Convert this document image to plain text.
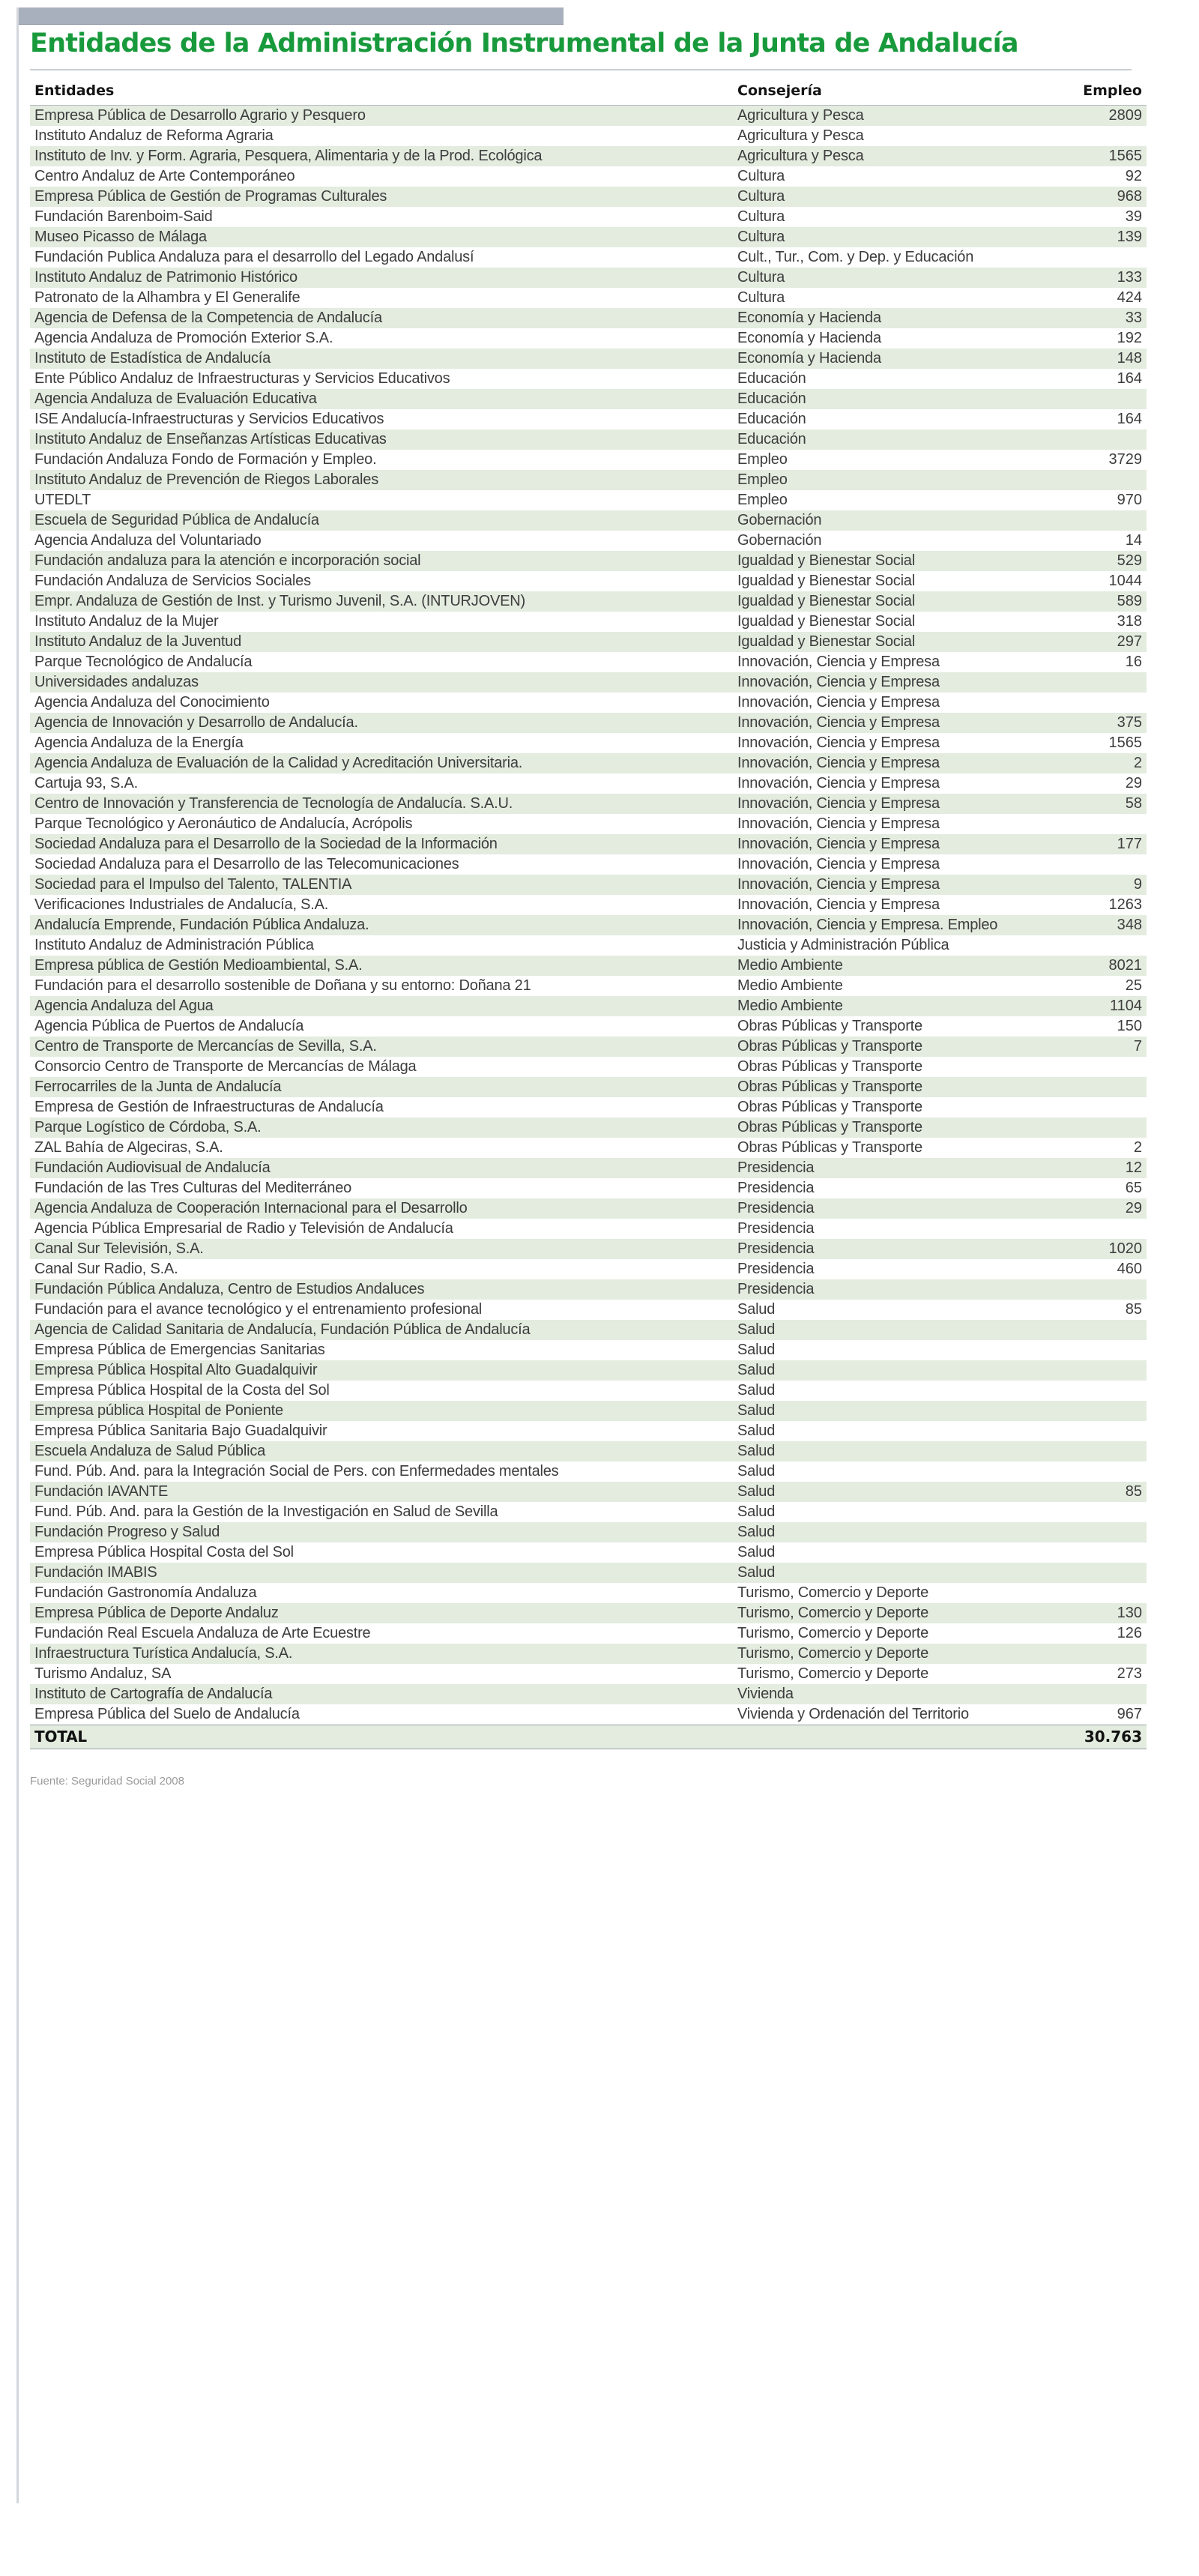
Entidades de la Administración Instrumental de la Junta de Andalucía
Entidades	Consejería	Empleo
Empresa Pública de Desarrollo Agrario y Pesquero	Agricultura y Pesca	2809
Instituto Andaluz de Reforma Agraria	Agricultura y Pesca	
Instituto de Inv. y Form. Agraria, Pesquera, Alimentaria y de la Prod. Ecológica	Agricultura y Pesca	1565
Centro Andaluz de Arte Contemporáneo	Cultura	92
Empresa Pública de Gestión de Programas Culturales	Cultura	968
Fundación Barenboim-Said	Cultura	39
Museo Picasso de Málaga	Cultura	139
Fundación Publica Andaluza para el desarrollo del Legado Andalusí	Cult., Tur., Com. y Dep. y Educación	
Instituto Andaluz de Patrimonio Histórico	Cultura	133
Patronato de la Alhambra y El Generalife	Cultura	424
Agencia de Defensa de la Competencia de Andalucía	Economía y Hacienda	33
Agencia Andaluza de Promoción Exterior S.A.	Economía y Hacienda	192
Instituto de Estadística de Andalucía	Economía y Hacienda	148
Ente Público Andaluz de Infraestructuras y Servicios Educativos	Educación	164
Agencia Andaluza de Evaluación Educativa	Educación	
ISE Andalucía-Infraestructuras y Servicios Educativos	Educación	164
Instituto Andaluz de Enseñanzas Artísticas Educativas	Educación	
Fundación Andaluza Fondo de Formación y Empleo.	Empleo	3729
Instituto Andaluz de Prevención de Riegos Laborales	Empleo	
UTEDLT	Empleo	970
Escuela de Seguridad Pública de Andalucía	Gobernación	
Agencia Andaluza del Voluntariado	Gobernación	14
Fundación andaluza para la atención e incorporación social	Igualdad y Bienestar Social	529
Fundación Andaluza de Servicios Sociales	Igualdad y Bienestar Social	1044
Empr. Andaluza de Gestión de Inst. y Turismo Juvenil, S.A. (INTURJOVEN)	Igualdad y Bienestar Social	589
Instituto Andaluz de la Mujer	Igualdad y Bienestar Social	318
Instituto Andaluz de la Juventud	Igualdad y Bienestar Social	297
Parque Tecnológico de Andalucía	Innovación, Ciencia y Empresa	16
Universidades andaluzas	Innovación, Ciencia y Empresa	
Agencia Andaluza del Conocimiento	Innovación, Ciencia y Empresa	
Agencia de Innovación y Desarrollo de Andalucía.	Innovación, Ciencia y Empresa	375
Agencia Andaluza de la Energía	Innovación, Ciencia y Empresa	1565
Agencia Andaluza de Evaluación de la Calidad y Acreditación Universitaria.	Innovación, Ciencia y Empresa	2
Cartuja 93, S.A.	Innovación, Ciencia y Empresa	29
Centro de Innovación y Transferencia de Tecnología de Andalucía. S.A.U.	Innovación, Ciencia y Empresa	58
Parque Tecnológico y Aeronáutico de Andalucía, Acrópolis	Innovación, Ciencia y Empresa	
Sociedad Andaluza para el Desarrollo de la Sociedad de la Información	Innovación, Ciencia y Empresa	177
Sociedad Andaluza para el Desarrollo de las Telecomunicaciones	Innovación, Ciencia y Empresa	
Sociedad para el Impulso del Talento, TALENTIA	Innovación, Ciencia y Empresa	9
Verificaciones Industriales de Andalucía, S.A.	Innovación, Ciencia y Empresa	1263
Andalucía Emprende, Fundación Pública Andaluza.	Innovación, Ciencia y Empresa. Empleo	348
Instituto Andaluz de Administración Pública	Justicia y Administración Pública	
Empresa pública de Gestión Medioambiental, S.A.	Medio Ambiente	8021
Fundación para el desarrollo sostenible de Doñana y su entorno: Doñana 21	Medio Ambiente	25
Agencia Andaluza del Agua	Medio Ambiente	1104
Agencia Pública de Puertos de Andalucía	Obras Públicas y Transporte	150
Centro de Transporte de Mercancías de Sevilla, S.A.	Obras Públicas y Transporte	7
Consorcio Centro de Transporte de Mercancías de Málaga	Obras Públicas y Transporte	
Ferrocarriles de la Junta de Andalucía	Obras Públicas y Transporte	
Empresa de Gestión de Infraestructuras de Andalucía	Obras Públicas y Transporte	
Parque Logístico de Córdoba, S.A.	Obras Públicas y Transporte	
ZAL Bahía de Algeciras, S.A.	Obras Públicas y Transporte	2
Fundación Audiovisual de Andalucía	Presidencia	12
Fundación de las Tres Culturas del Mediterráneo	Presidencia	65
Agencia Andaluza de Cooperación Internacional para el Desarrollo	Presidencia	29
Agencia Pública Empresarial de Radio y Televisión de Andalucía	Presidencia	
Canal Sur Televisión, S.A.	Presidencia	1020
Canal Sur Radio, S.A.	Presidencia	460
Fundación Pública Andaluza, Centro de Estudios Andaluces	Presidencia	
Fundación para el avance tecnológico y el entrenamiento profesional	Salud	85
Agencia de Calidad Sanitaria de Andalucía, Fundación Pública de Andalucía	Salud	
Empresa Pública de Emergencias Sanitarias	Salud	
Empresa Pública Hospital Alto Guadalquivir	Salud	
Empresa Pública Hospital de la Costa del Sol	Salud	
Empresa pública Hospital de Poniente	Salud	
Empresa Pública Sanitaria Bajo Guadalquivir	Salud	
Escuela Andaluza de Salud Pública	Salud	
Fund. Púb. And. para la Integración Social de Pers. con Enfermedades mentales	Salud	
Fundación IAVANTE	Salud	85
Fund. Púb. And. para la Gestión de la Investigación en Salud de Sevilla	Salud	
Fundación Progreso y Salud	Salud	
Empresa Pública Hospital Costa del Sol	Salud	
Fundación IMABIS	Salud	
Fundación Gastronomía Andaluza	Turismo, Comercio y Deporte	
Empresa Pública de Deporte Andaluz	Turismo, Comercio y Deporte	130
Fundación Real Escuela Andaluza de Arte Ecuestre	Turismo, Comercio y Deporte	126
Infraestructura Turística Andalucía, S.A.	Turismo, Comercio y Deporte	
Turismo Andaluz, SA	Turismo, Comercio y Deporte	273
Instituto de Cartografía de Andalucía	Vivienda	
Empresa Pública del Suelo de Andalucía	Vivienda y Ordenación del Territorio	967
TOTAL		30.763
Fuente: Seguridad Social 2008
